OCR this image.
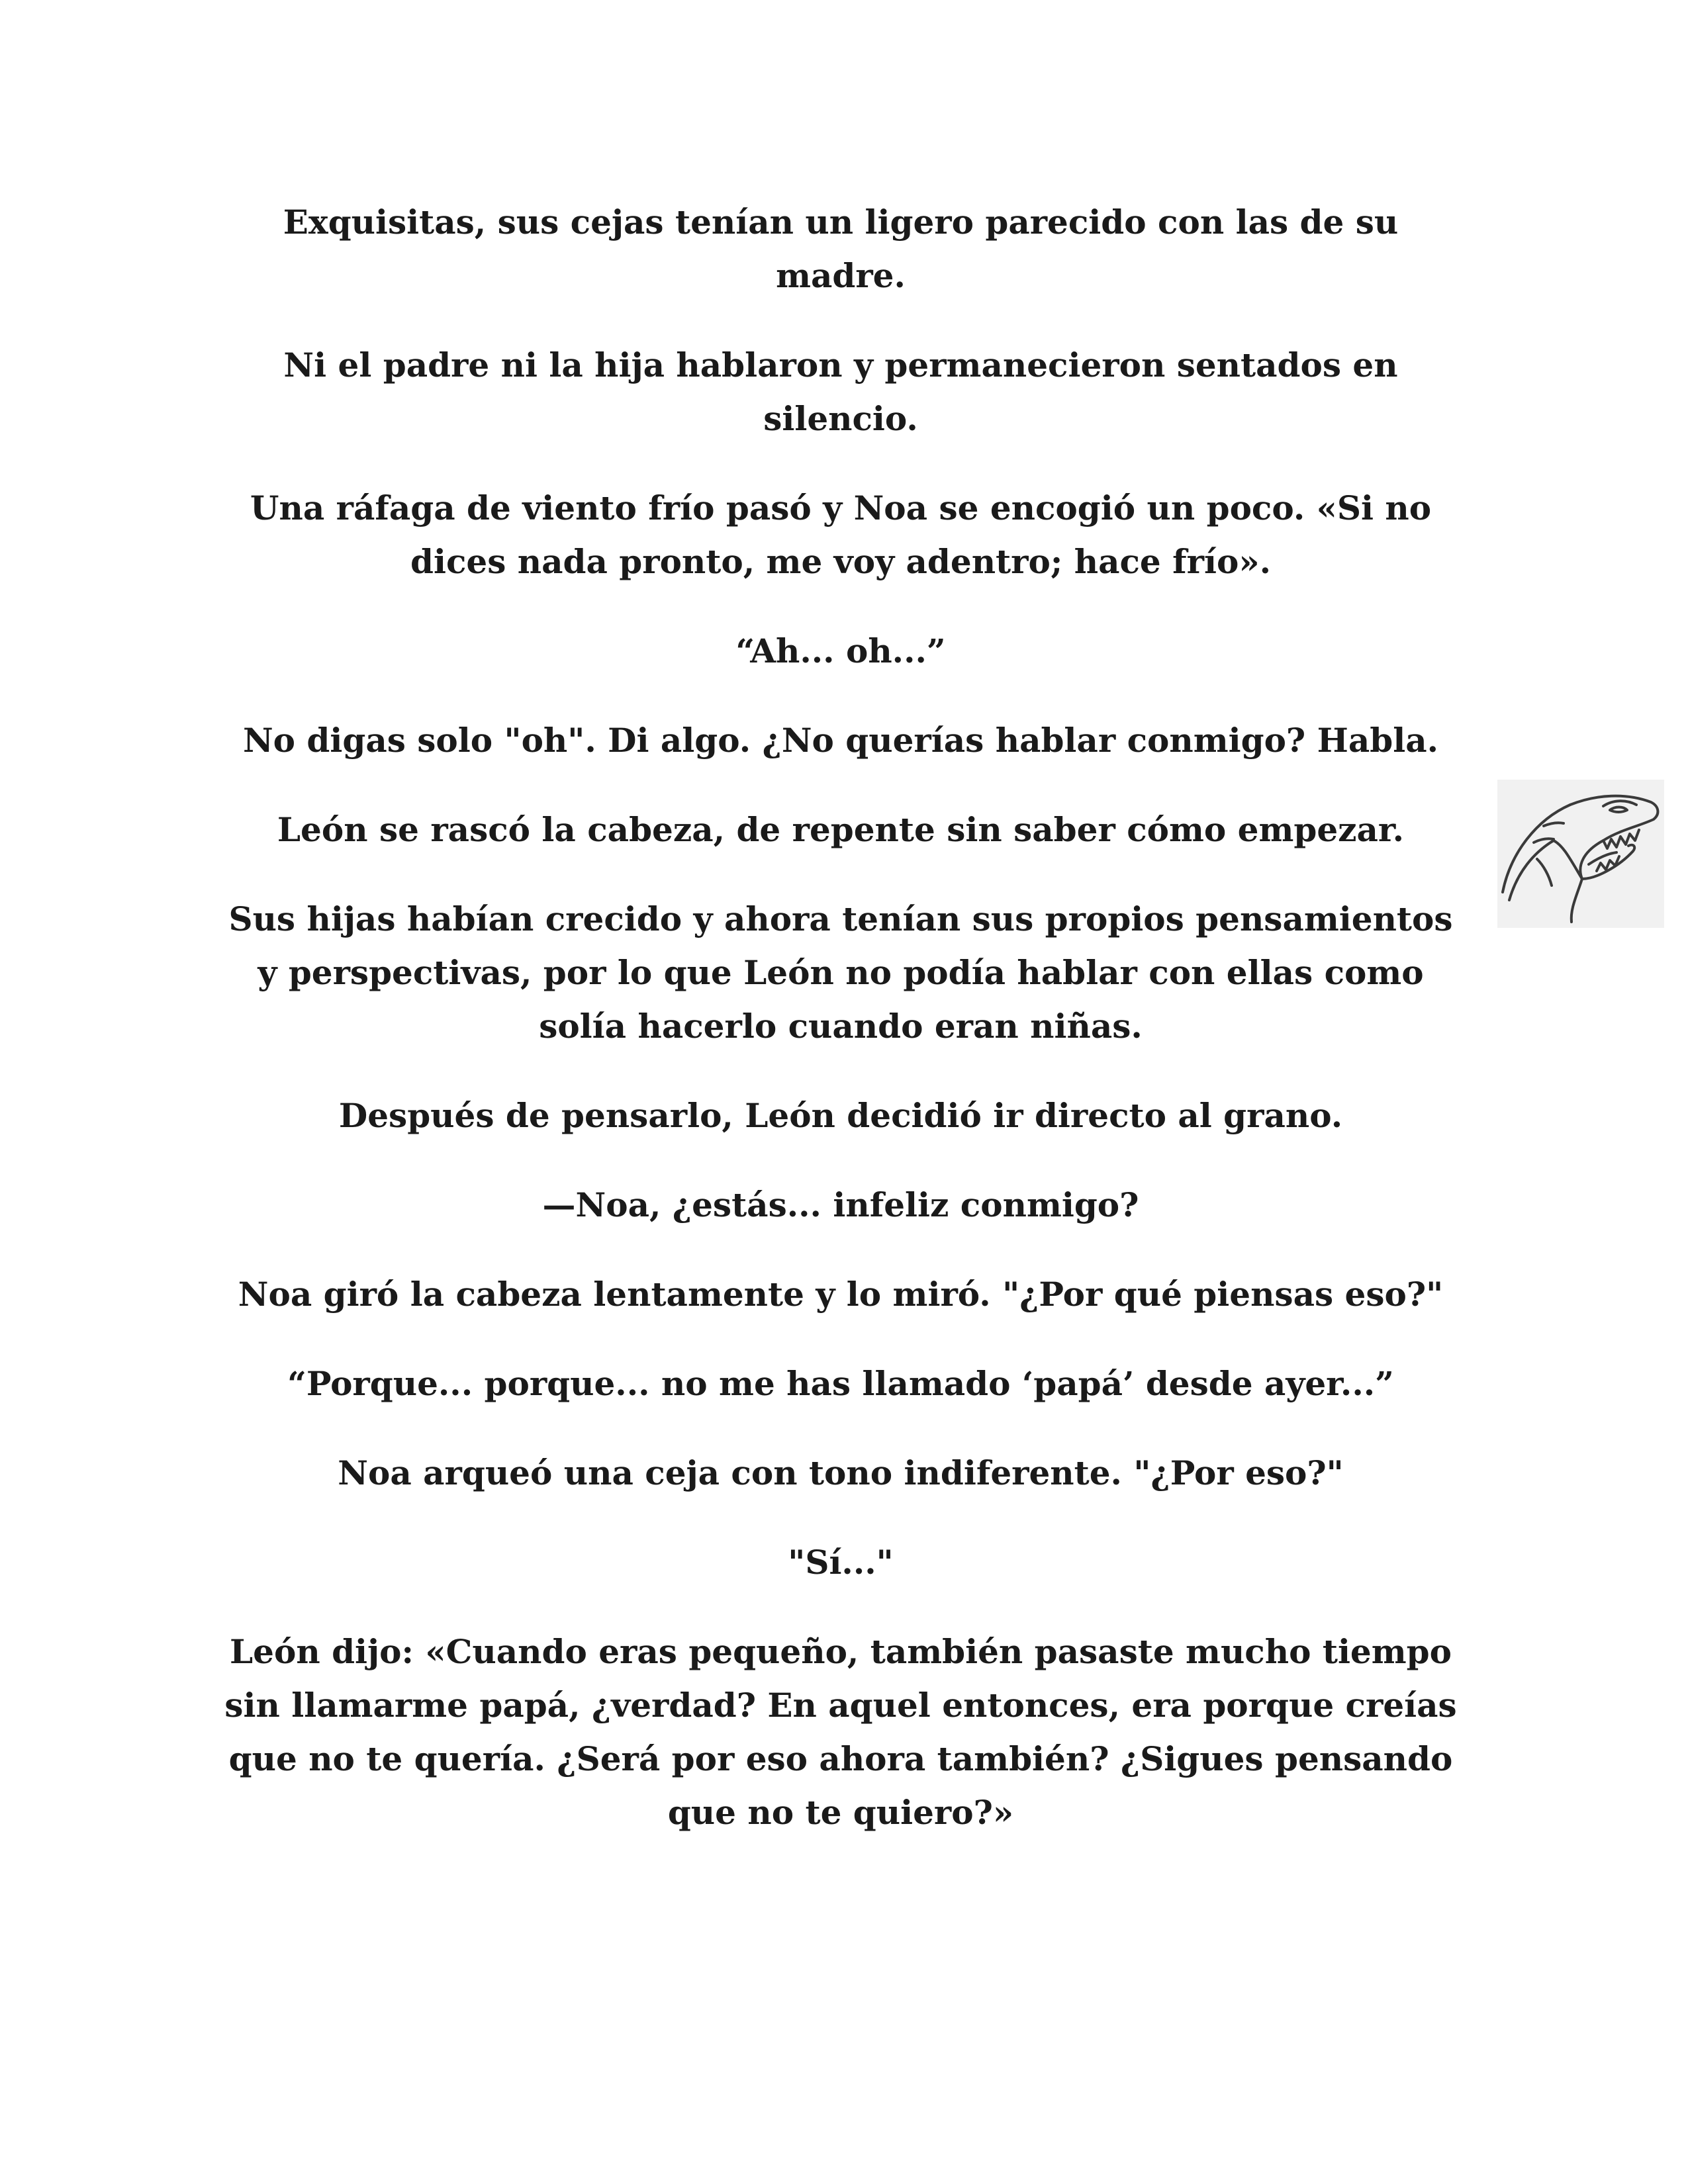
Exquisitas, sus cejas tenían un ligero parecido con las de su madre.

Ni el padre ni la hija hablaron y permanecieron sentados en silencio.

Una ráfaga de viento frío pasó y Noa se encogió un poco. «Si no dices nada pronto, me voy adentro; hace frío».

“Ah... oh...”

No digas solo "oh". Di algo. ¿No querías hablar conmigo? Habla.

León se rascó la cabeza, de repente sin saber cómo empezar.

Sus hijas habían crecido y ahora tenían sus propios pensamientos y perspectivas, por lo que León no podía hablar con ellas como solía hacerlo cuando eran niñas.

Después de pensarlo, León decidió ir directo al grano.

—Noa, ¿estás... infeliz conmigo?

Noa giró la cabeza lentamente y lo miró. "¿Por qué piensas eso?"

“Porque... porque... no me has llamado ‘papá’ desde ayer...”

Noa arqueó una ceja con tono indiferente. "¿Por eso?"

"Sí..."

León dijo: «Cuando eras pequeño, también pasaste mucho tiempo sin llamarme papá, ¿verdad? En aquel entonces, era porque creías que no te quería. ¿Será por eso ahora también? ¿Sigues pensando que no te quiero?»
